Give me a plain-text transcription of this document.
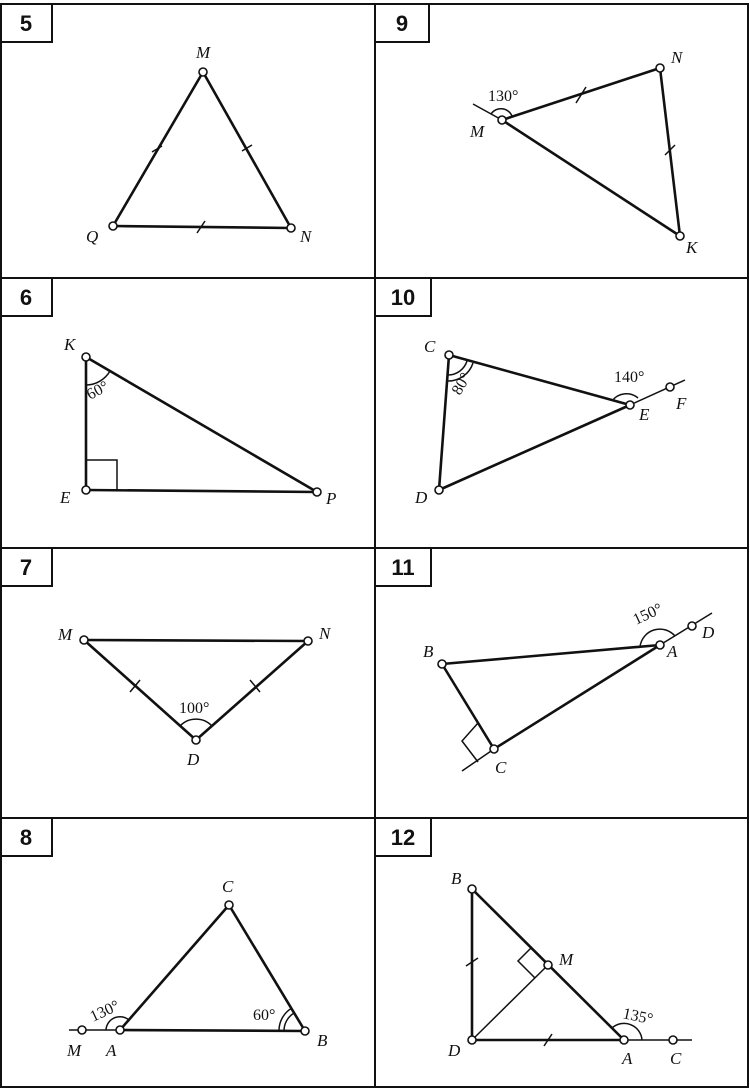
5
M
Q	N
9
130°
N
M
K
6
60°
K
E	P
10
80°	140°
C
E
F
D
7
100°
M	N
D
11
150°
B	A
D
C
8
130°	60°
C
M A
B
12
135°
B
M
D	A C
